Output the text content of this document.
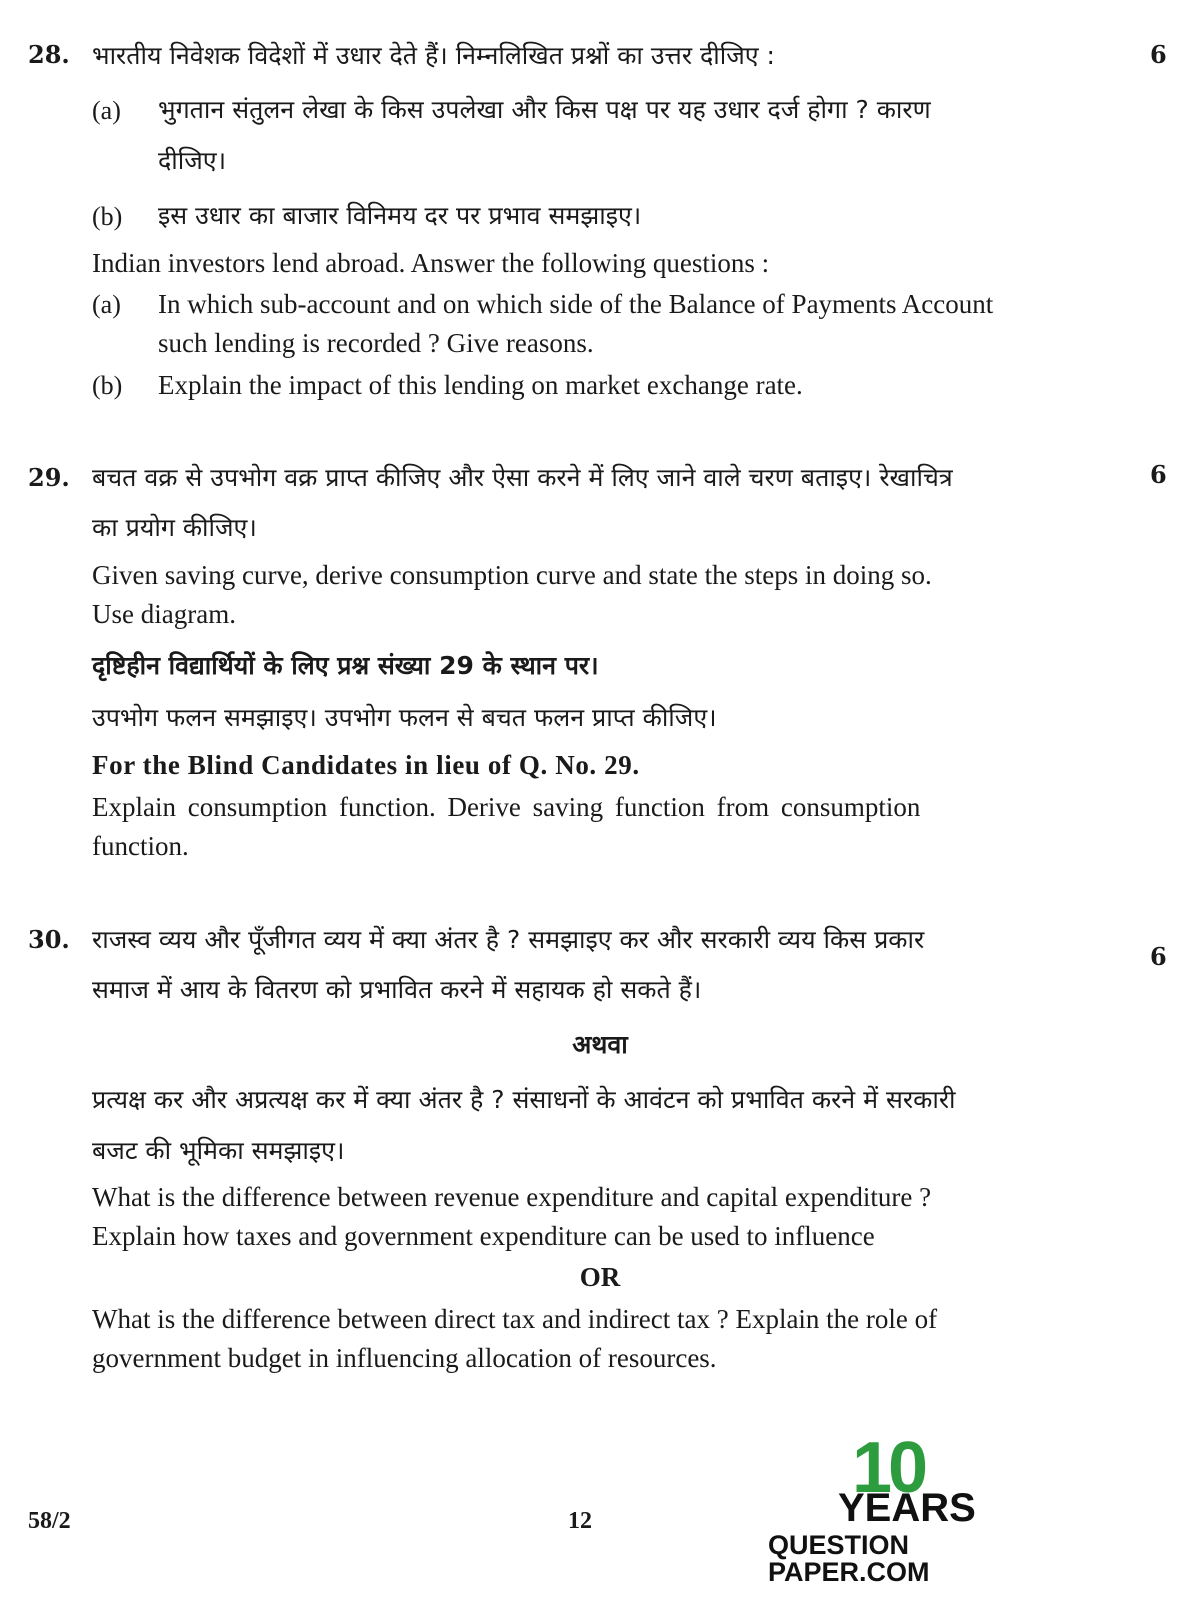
28.	6
भारतीय निवेशक विदेशों में उधार देते हैं। निम्नलिखित प्रश्नों का उत्तर दीजिए :
(a) भुगतान संतुलन लेखा के किस उपलेखा और किस पक्ष पर यह उधार दर्ज होगा ? कारण
दीजिए।
(b) इस उधार का बाजार विनिमय दर पर प्रभाव समझाइए।
Indian investors lend abroad. Answer the following questions :
(a) In which sub-account and on which side of the Balance of Payments Account
such lending is recorded ? Give reasons.
(b) Explain the impact of this lending on market exchange rate.
29.	6
बचत वक्र से उपभोग वक्र प्राप्त कीजिए और ऐसा करने में लिए जाने वाले चरण बताइए। रेखाचित्र
का प्रयोग कीजिए।
Given saving curve, derive consumption curve and state the steps in doing so.
Use diagram.
दृष्टिहीन विद्यार्थियों के लिए प्रश्न संख्या 29 के स्थान पर।
उपभोग फलन समझाइए। उपभोग फलन से बचत फलन प्राप्त कीजिए।
For the Blind Candidates in lieu of Q. No. 29.
Explain consumption function. Derive saving function from consumption
function.
30.
6
राजस्व व्यय और पूँजीगत व्यय में क्या अंतर है ? समझाइए कर और सरकारी व्यय किस प्रकार
समाज में आय के वितरण को प्रभावित करने में सहायक हो सकते हैं।
अथवा
प्रत्यक्ष कर और अप्रत्यक्ष कर में क्या अंतर है ? संसाधनों के आवंटन को प्रभावित करने में सरकारी
बजट की भूमिका समझाइए।
What is the difference between revenue expenditure and capital expenditure ?
Explain how taxes and government expenditure can be used to influence
OR
What is the difference between direct tax and indirect tax ? Explain the role of
government budget in influencing allocation of resources.
58/2	12
10
YEARS
QUESTION PAPER.COM
